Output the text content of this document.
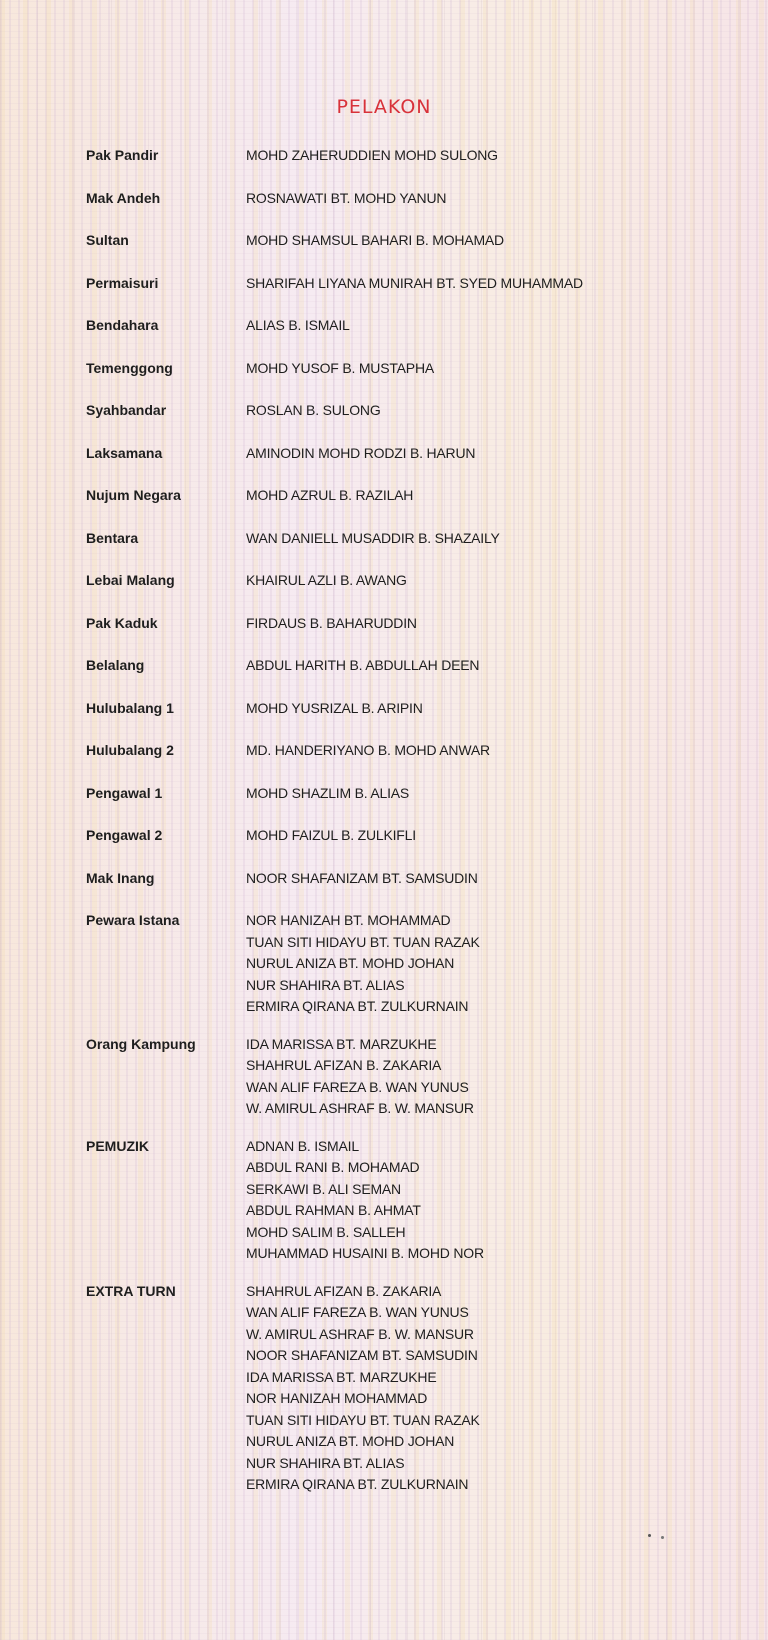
PELAKON
Pak Pandir	MOHD ZAHERUDDIEN MOHD SULONG
Mak Andeh	ROSNAWATI BT. MOHD YANUN
Sultan	MOHD SHAMSUL BAHARI B. MOHAMAD
Permaisuri	SHARIFAH LIYANA MUNIRAH BT. SYED MUHAMMAD
Bendahara	ALIAS B. ISMAIL
Temenggong	MOHD YUSOF B. MUSTAPHA
Syahbandar	ROSLAN B. SULONG
Laksamana	AMINODIN MOHD RODZI B. HARUN
Nujum Negara	MOHD AZRUL B. RAZILAH
Bentara	WAN DANIELL MUSADDIR B. SHAZAILY
Lebai Malang	KHAIRUL AZLI B. AWANG
Pak Kaduk	FIRDAUS B. BAHARUDDIN
Belalang	ABDUL HARITH B. ABDULLAH DEEN
Hulubalang 1	MOHD YUSRIZAL B. ARIPIN
Hulubalang 2	MD. HANDERIYANO B. MOHD ANWAR
Pengawal 1	MOHD SHAZLIM B. ALIAS
Pengawal 2	MOHD FAIZUL B. ZULKIFLI
Mak Inang	NOOR SHAFANIZAM BT. SAMSUDIN
Pewara Istana	NOR HANIZAH BT. MOHAMMAD
TUAN SITI HIDAYU BT. TUAN RAZAK
NURUL ANIZA BT. MOHD JOHAN
NUR SHAHIRA BT. ALIAS
ERMIRA QIRANA BT. ZULKURNAIN
Orang Kampung	IDA MARISSA BT. MARZUKHE
SHAHRUL AFIZAN B. ZAKARIA
WAN ALIF FAREZA B. WAN YUNUS
W. AMIRUL ASHRAF B. W. MANSUR
PEMUZIK	ADNAN B. ISMAIL
ABDUL RANI B. MOHAMAD
SERKAWI B. ALI SEMAN
ABDUL RAHMAN B. AHMAT
MOHD SALIM B. SALLEH
MUHAMMAD HUSAINI B. MOHD NOR
EXTRA TURN	SHAHRUL AFIZAN B. ZAKARIA
WAN ALIF FAREZA B. WAN YUNUS
W. AMIRUL ASHRAF B. W. MANSUR
NOOR SHAFANIZAM BT. SAMSUDIN
IDA MARISSA BT. MARZUKHE
NOR HANIZAH MOHAMMAD
TUAN SITI HIDAYU BT. TUAN RAZAK
NURUL ANIZA BT. MOHD JOHAN
NUR SHAHIRA BT. ALIAS
ERMIRA QIRANA BT. ZULKURNAIN
